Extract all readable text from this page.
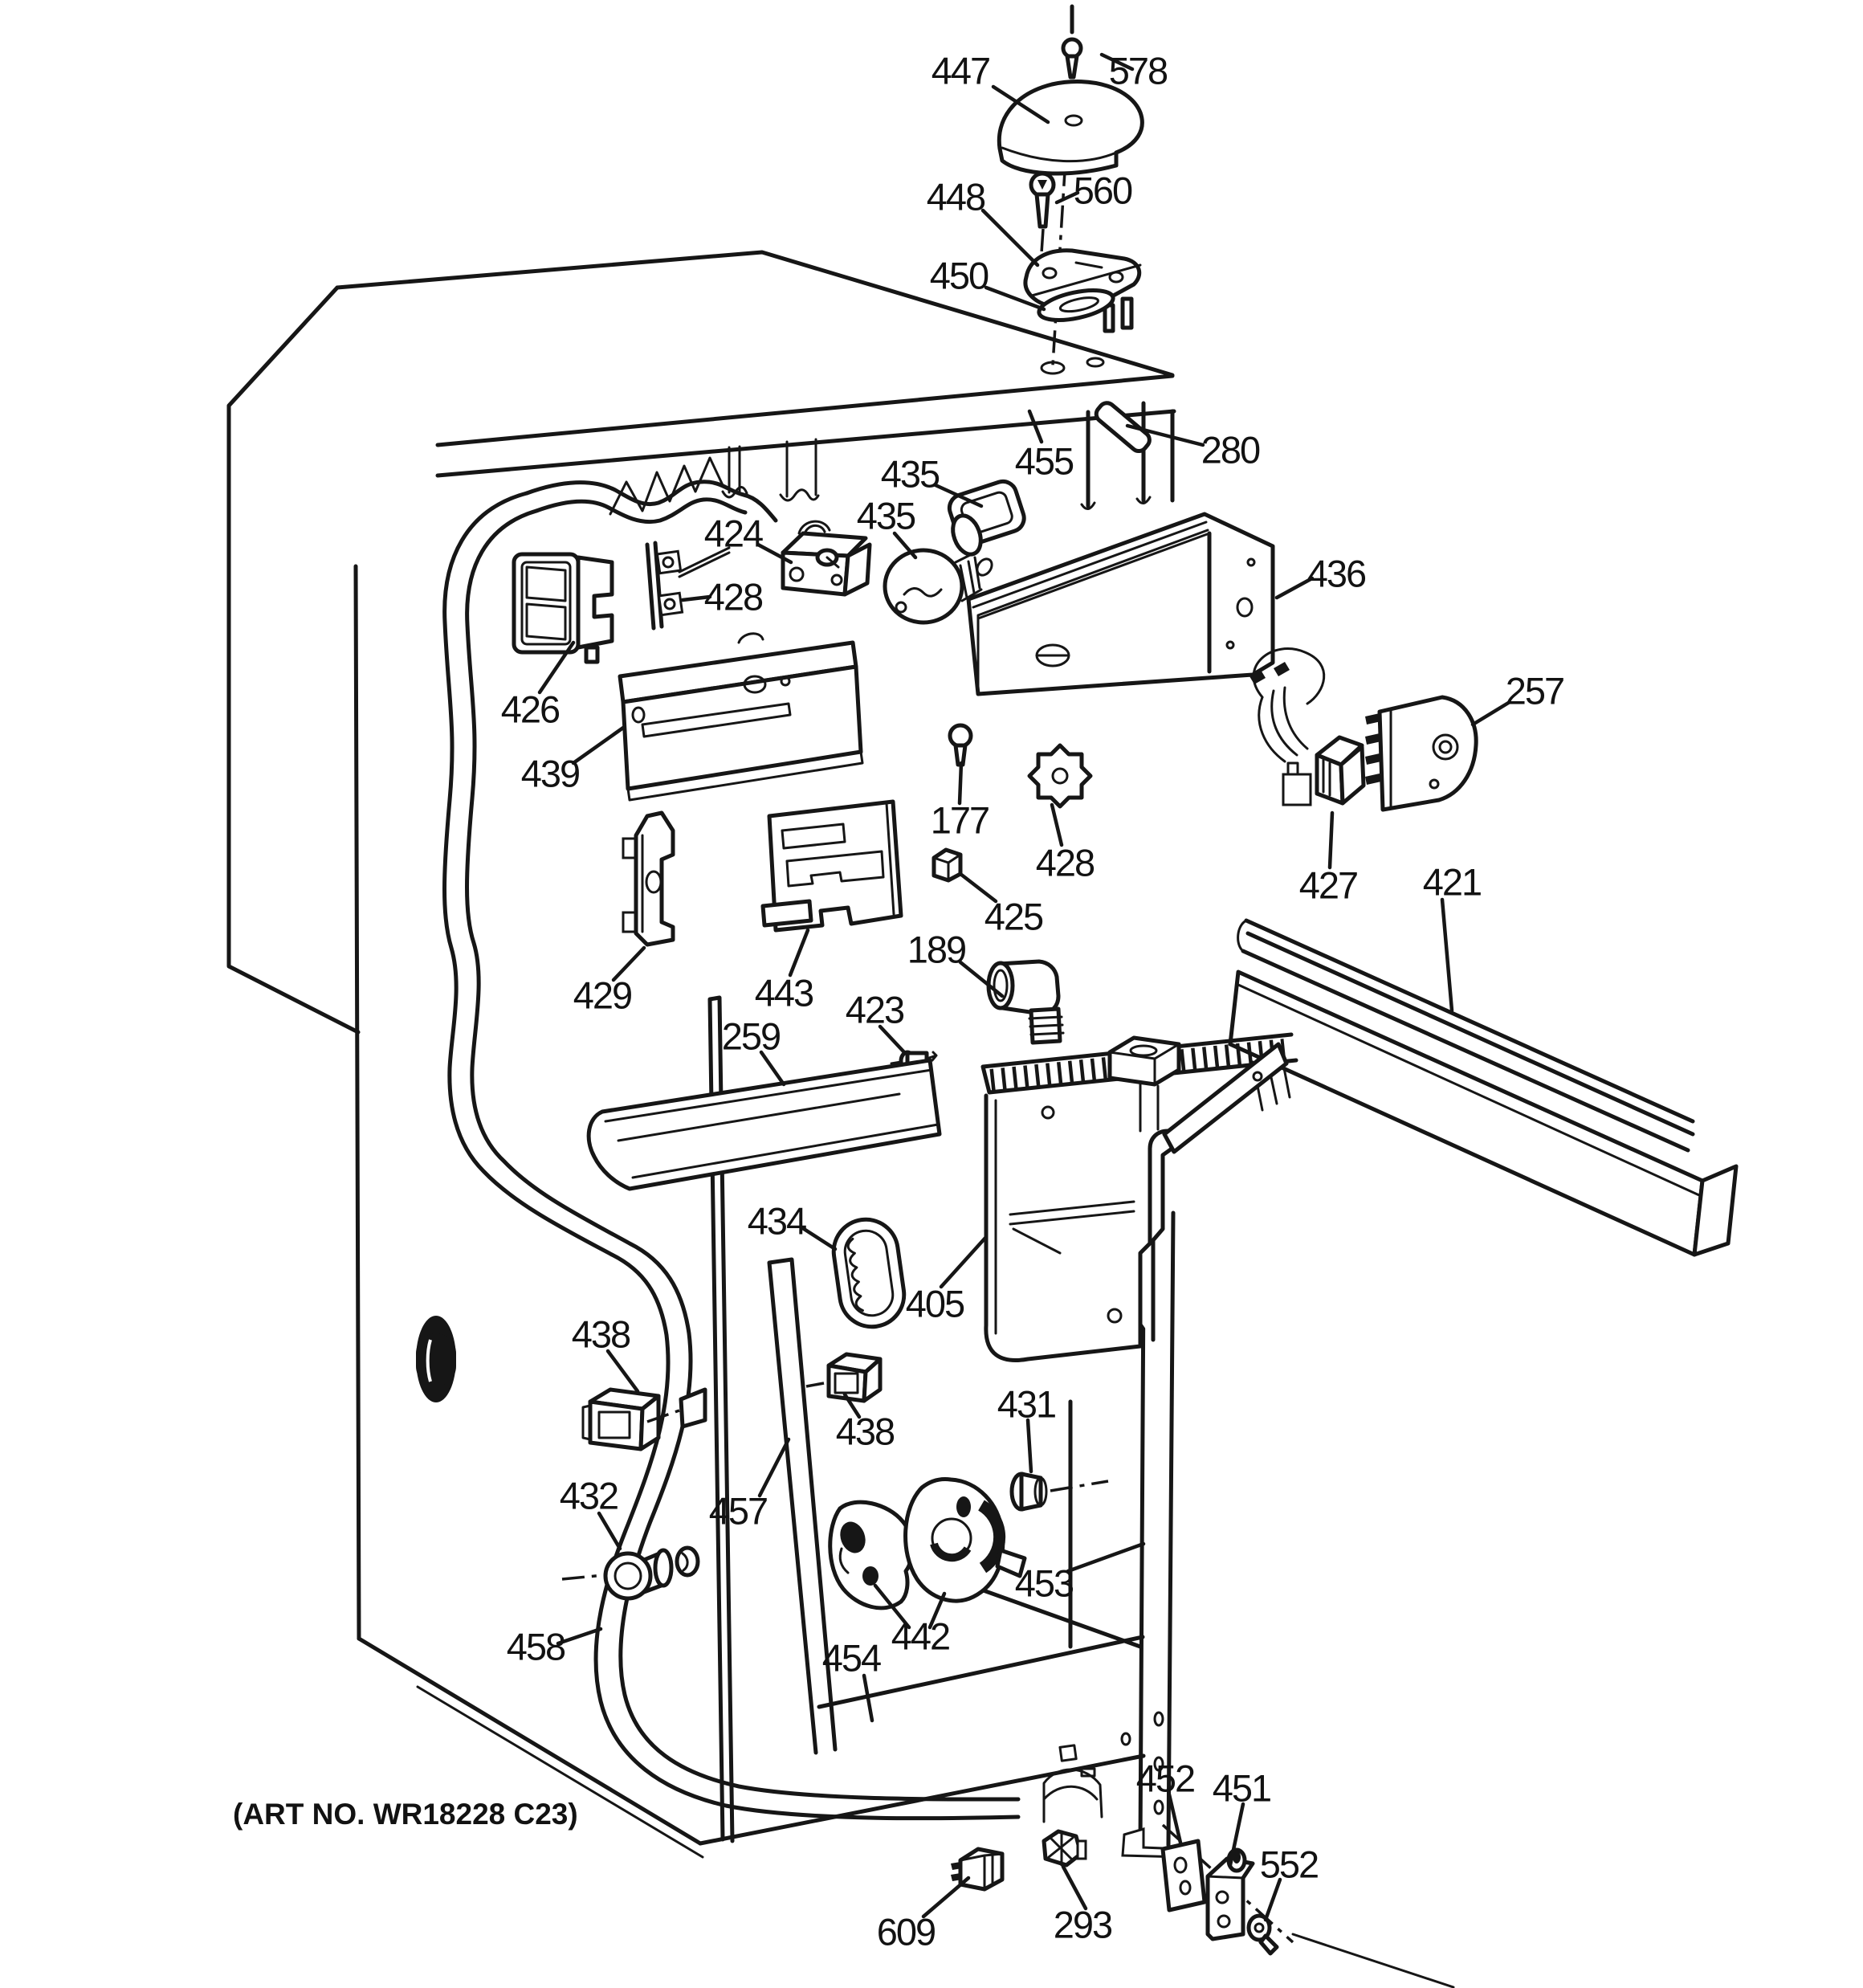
447	578
448 560
450
455	280
435
435
424
428
436
426
439
257
427 421
177
428
425
189
429	443 423
259
434
405
438
438
457
431
432
453
458	442
454
452 451
552
609	293
(ART NO. WR18228 C23)
